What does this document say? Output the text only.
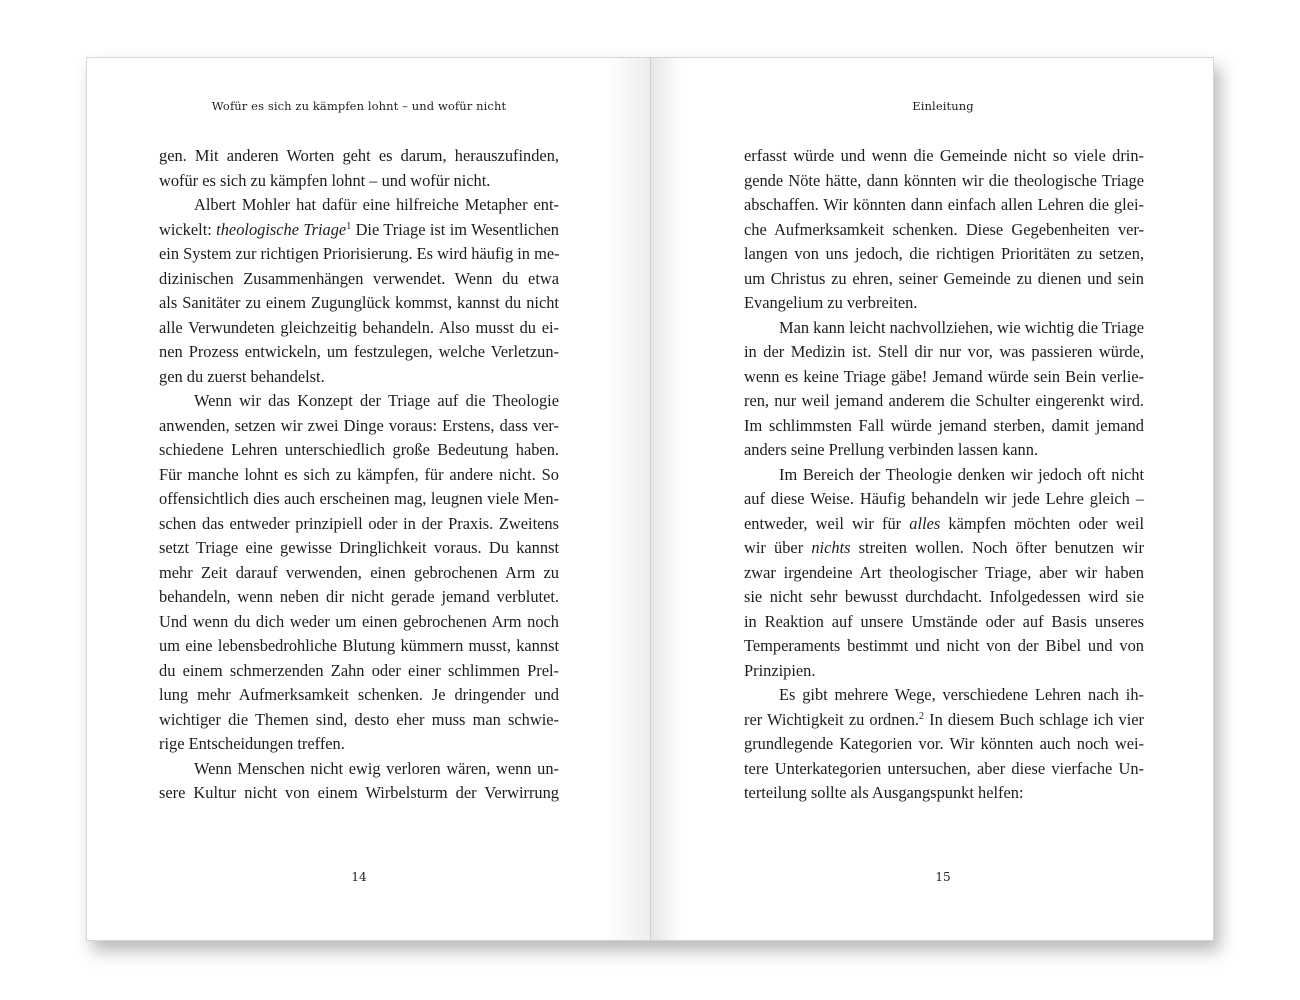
Wofür es sich zu kämpfen lohnt – und wofür nicht
gen. Mit anderen Worten geht es darum, herauszufinden,
wofür es sich zu kämpfen lohnt – und wofür nicht.
Albert Mohler hat dafür eine hilfreiche Metapher ent-
wickelt: theologische Triage$^1$ Die Triage ist im Wesentlichen
ein System zur richtigen Priorisierung. Es wird häufig in me-
dizinischen Zusammenhängen verwendet. Wenn du etwa
als Sanitäter zu einem Zugunglück kommst, kannst du nicht
alle Verwundeten gleichzeitig behandeln. Also musst du ei-
nen Prozess entwickeln, um festzulegen, welche Verletzun-
gen du zuerst behandelst.
Wenn wir das Konzept der Triage auf die Theologie
anwenden, setzen wir zwei Dinge voraus: Erstens, dass ver-
schiedene Lehren unterschiedlich große Bedeutung haben.
Für manche lohnt es sich zu kämpfen, für andere nicht. So
offensichtlich dies auch erscheinen mag, leugnen viele Men-
schen das entweder prinzipiell oder in der Praxis. Zweitens
setzt Triage eine gewisse Dringlichkeit voraus. Du kannst
mehr Zeit darauf verwenden, einen gebrochenen Arm zu
behandeln, wenn neben dir nicht gerade jemand verblutet.
Und wenn du dich weder um einen gebrochenen Arm noch
um eine lebensbedrohliche Blutung kümmern musst, kannst
du einem schmerzenden Zahn oder einer schlimmen Prel-
lung mehr Aufmerksamkeit schenken. Je dringender und
wichtiger die Themen sind, desto eher muss man schwie-
rige Entscheidungen treffen.
Wenn Menschen nicht ewig verloren wären, wenn un-
sere Kultur nicht von einem Wirbelsturm der Verwirrung
14
Einleitung
erfasst würde und wenn die Gemeinde nicht so viele drin-
gende Nöte hätte, dann könnten wir die theologische Triage
abschaffen. Wir könnten dann einfach allen Lehren die glei-
che Aufmerksamkeit schenken. Diese Gegebenheiten ver-
langen von uns jedoch, die richtigen Prioritäten zu setzen,
um Christus zu ehren, seiner Gemeinde zu dienen und sein
Evangelium zu verbreiten.
Man kann leicht nachvollziehen, wie wichtig die Triage
in der Medizin ist. Stell dir nur vor, was passieren würde,
wenn es keine Triage gäbe! Jemand würde sein Bein verlie-
ren, nur weil jemand anderem die Schulter eingerenkt wird.
Im schlimmsten Fall würde jemand sterben, damit jemand
anders seine Prellung verbinden lassen kann.
Im Bereich der Theologie denken wir jedoch oft nicht
auf diese Weise. Häufig behandeln wir jede Lehre gleich –
entweder, weil wir für alles kämpfen möchten oder weil
wir über nichts streiten wollen. Noch öfter benutzen wir
zwar irgendeine Art theologischer Triage, aber wir haben
sie nicht sehr bewusst durchdacht. Infolgedessen wird sie
in Reaktion auf unsere Umstände oder auf Basis unseres
Temperaments bestimmt und nicht von der Bibel und von
Prinzipien.
Es gibt mehrere Wege, verschiedene Lehren nach ih-
rer Wichtigkeit zu ordnen.$^2$ In diesem Buch schlage ich vier
grundlegende Kategorien vor. Wir könnten auch noch wei-
tere Unterkategorien untersuchen, aber diese vierfache Un-
terteilung sollte als Ausgangspunkt helfen:
15
